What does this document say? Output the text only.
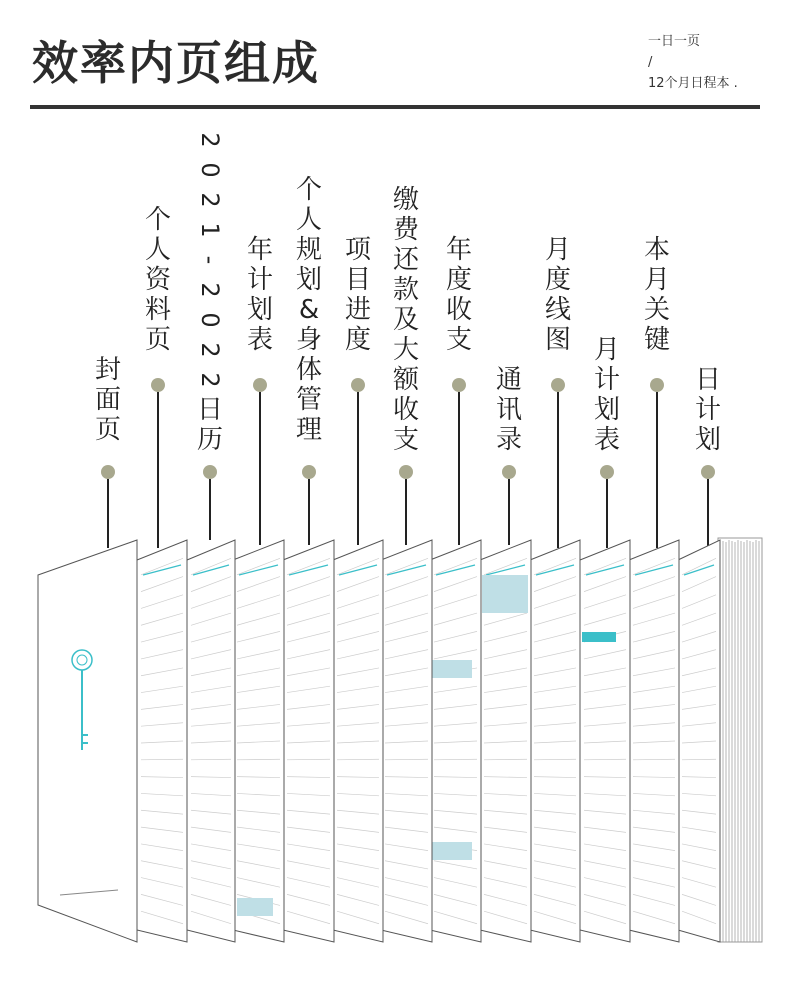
效率内页组成	一日一页
/
12个月日程本 .
封
面
页
个
人
资
料
页
2
0
2
1
-
2
0
2
2
日
历
年
计
划
表
个
人
规
划
&
身
体
管
理
项
目
进
度
缴
费
还
款
及
大
额
收
支
年
度
收
支
通
讯
录
月
度
线
图 月
计
划
表
本
月
关
键
日
计
划
